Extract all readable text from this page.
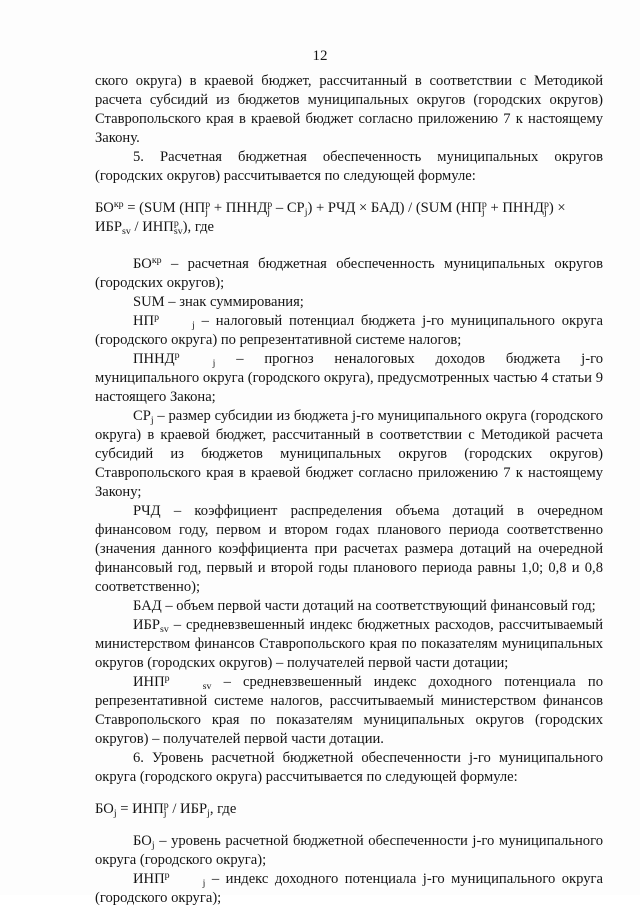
12

ского округа) в краевой бюджет, рассчитанный в соответствии с Методикой расчета субсидий из бюджетов муниципальных округов (городских округов) Ставропольского края в краевой бюджет согласно приложению 7 к настоящему Закону.

5. Расчетная бюджетная обеспеченность муниципальных округов (городских округов) рассчитывается по следующей формуле:

$БО^{кр} = (SUM$ ($НП^рj$ + $ПННД^рj - СР_j$) + РЧД × БАД) / (SUM ($НП^рj$ + $ПННД^рj$ ) × $ИБР_{sv} / ИНП^рsv$), где

$БО^{кр}$ – расчетная бюджетная обеспеченность муниципальных округов (городских округов);

SUM – знак суммирования;

$НП^рj$ – налоговый потенциал бюджета j-го муниципального округа (городского округа) по репрезентативной системе налогов;

$ПННД^рj$ – прогноз неналоговых доходов бюджета j-го муниципального округа (городского округа), предусмотренных частью 4 статьи 9 настоящего Закона;

$СР_j$ – размер субсидии из бюджета j-го муниципального округа (городского округа) в краевой бюджет, рассчитанный в соответствии с Методикой расчета субсидий из бюджетов муниципальных округов (городских округов) Ставропольского края в краевой бюджет согласно приложению 7 к настоящему Закону;

РЧД – коэффициент распределения объема дотаций в очередном финансовом году, первом и втором годах планового периода соответственно (значения данного коэффициента при расчетах размера дотаций на очередной финансовый год, первый и второй годы планового периода равны 1,0; 0,8 и 0,8 соответственно);

БАД – объем первой части дотаций на соответствующий финансовый год;

$ИБР_{sv}$ – средневзвешенный индекс бюджетных расходов, рассчитываемый министерством финансов Ставропольского края по показателям муниципальных округов (городских округов) – получателей первой части дотации;

$ИНП^рsv$ – средневзвешенный индекс доходного потенциала по репрезентативной системе налогов, рассчитываемый министерством финансов Ставропольского края по показателям муниципальных округов (городских округов) – получателей первой части дотации.

6. Уровень расчетной бюджетной обеспеченности j-го муниципального округа (городского округа) рассчитывается по следующей формуле:

$БО_j = ИНП^рj / ИБР_j$, где

$БО_j$ – уровень расчетной бюджетной обеспеченности j-го муниципального округа (городского округа);

$ИНП^рj$ – индекс доходного потенциала j-го муниципального округа (городского округа);
